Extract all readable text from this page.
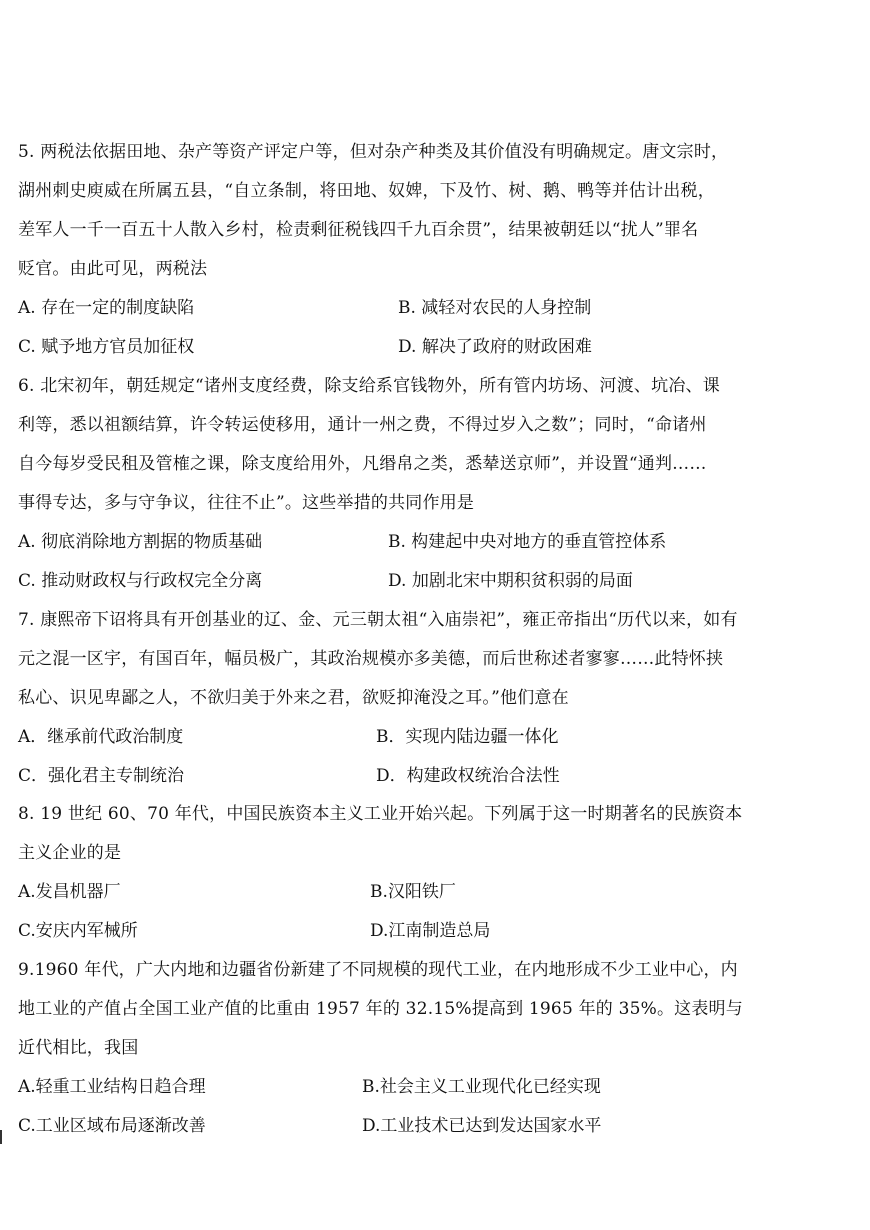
5. 两税法依据田地、杂产等资产评定户等，但对杂产种类及其价值没有明确规定。唐文宗时，
湖州刺史庾威在所属五县，“自立条制，将田地、奴婢，下及竹、树、鹅、鸭等并估计出税，
差军人一千一百五十人散入乡村，检责剩征税钱四千九百余贯”，结果被朝廷以“扰人”罪名
贬官。由此可见，两税法
A. 存在一定的制度缺陷	B. 减轻对农民的人身控制
C. 赋予地方官员加征权	D. 解决了政府的财政困难
6. 北宋初年，朝廷规定“诸州支度经费，除支给系官钱物外，所有管内坊场、河渡、坑冶、课
利等，悉以祖额结算，许令转运使移用，通计一州之费，不得过岁入之数”；同时，“命诸州
自今每岁受民租及管榷之课，除支度给用外，凡缗帛之类，悉辇送京师”，并设置“通判……
事得专达，多与守争议，往往不止”。这些举措的共同作用是
A. 彻底消除地方割据的物质基础	B. 构建起中央对地方的垂直管控体系
C. 推动财政权与行政权完全分离	D. 加剧北宋中期积贫积弱的局面
7. 康熙帝下诏将具有开创基业的辽、金、元三朝太祖“入庙崇祀”，雍正帝指出“历代以来，如有
元之混一区宇，有国百年，幅员极广，其政治规模亦多美德，而后世称述者寥寥……此特怀挟
私心、识见卑鄙之人，不欲归美于外来之君，欲贬抑淹没之耳。”他们意在
A．继承前代政治制度	B．实现内陆边疆一体化
C．强化君主专制统治	D．构建政权统治合法性
8. 19 世纪 60、70 年代，中国民族资本主义工业开始兴起。下列属于这一时期著名的民族资本
主义企业的是
A.发昌机器厂	B.汉阳铁厂
C.安庆内军械所	D.江南制造总局
9.1960 年代，广大内地和边疆省份新建了不同规模的现代工业，在内地形成不少工业中心，内
地工业的产值占全国工业产值的比重由 1957 年的 32.15%提高到 1965 年的 35%。这表明与
近代相比，我国
A.轻重工业结构日趋合理	B.社会主义工业现代化已经实现
C.工业区域布局逐渐改善	D.工业技术已达到发达国家水平
